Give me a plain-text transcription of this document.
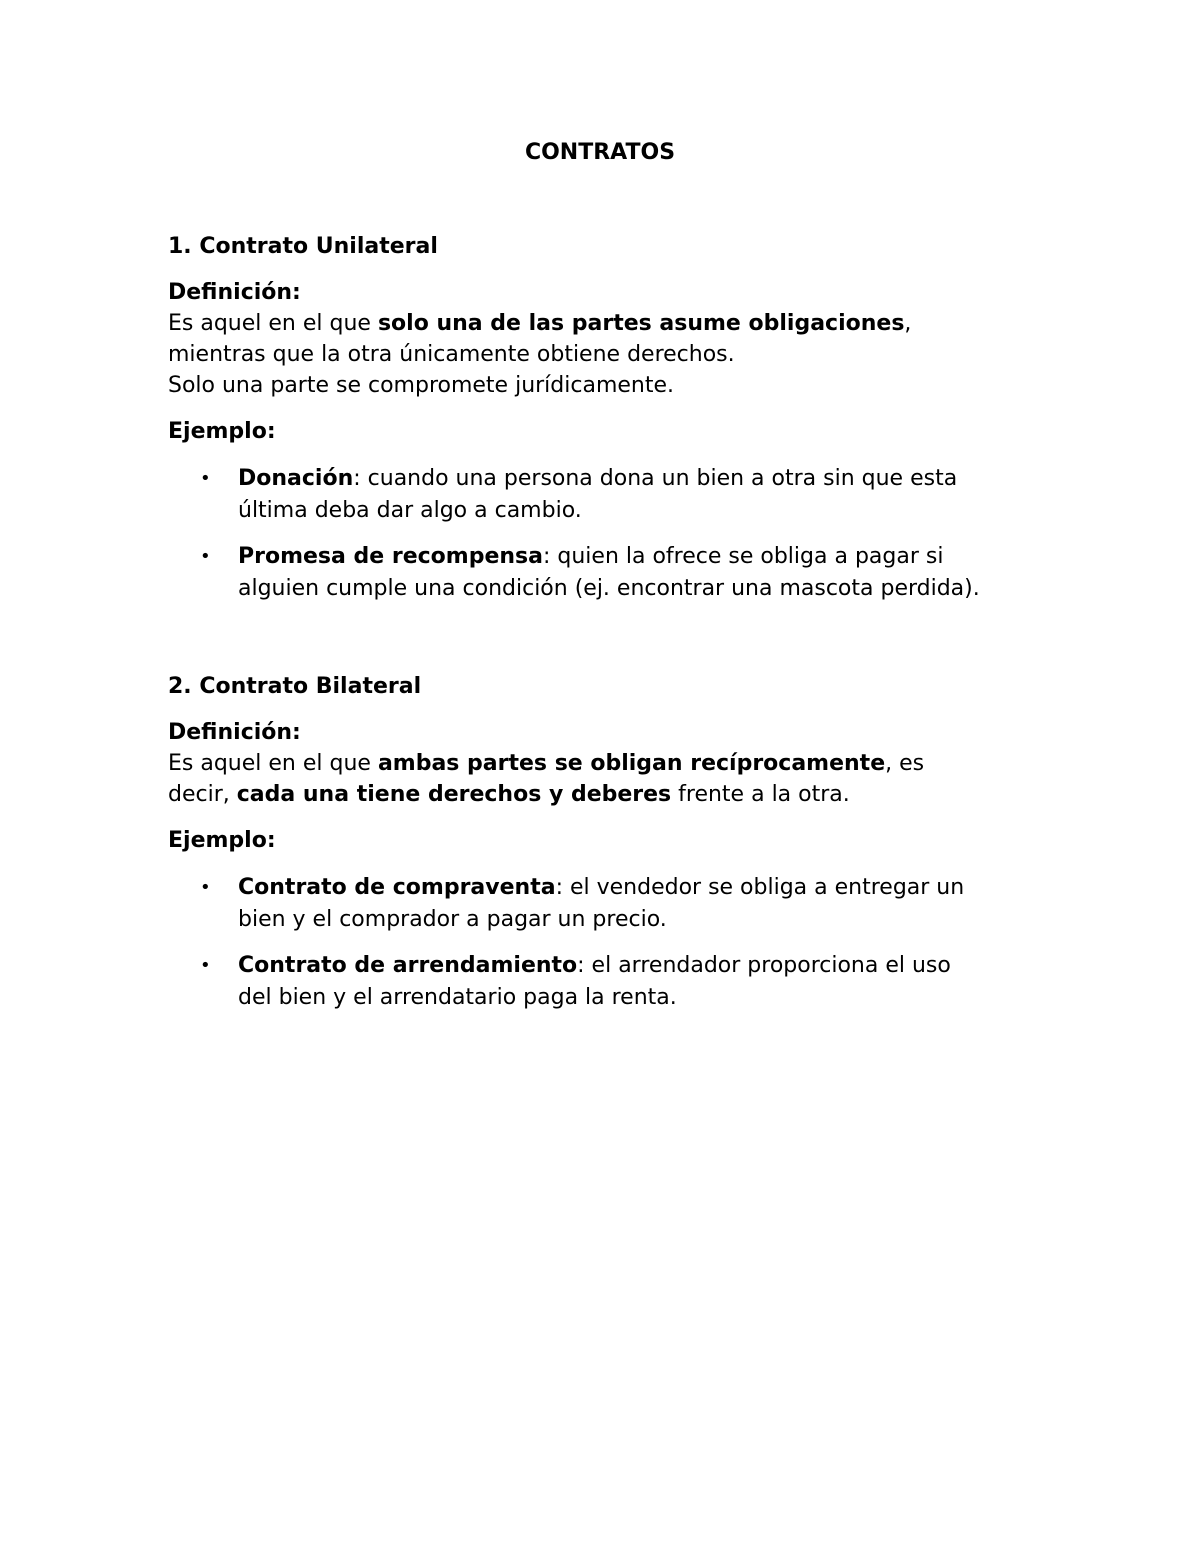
CONTRATOS

1. Contrato Unilateral

Definición:

Es aquel en el que solo una de las partes asume obligaciones,

mientras que la otra únicamente obtiene derechos.

Solo una parte se compromete jurídicamente.

Ejemplo:

• Donación: cuando una persona dona un bien a otra sin que esta
última deba dar algo a cambio.
• Promesa de recompensa: quien la ofrece se obliga a pagar si
alguien cumple una condición (ej. encontrar una mascota perdida).

2. Contrato Bilateral

Definición:

Es aquel en el que ambas partes se obligan recíprocamente, es

decir, cada una tiene derechos y deberes frente a la otra.

Ejemplo:

• Contrato de compraventa: el vendedor se obliga a entregar un
bien y el comprador a pagar un precio.
• Contrato de arrendamiento: el arrendador proporciona el uso
del bien y el arrendatario paga la renta.
